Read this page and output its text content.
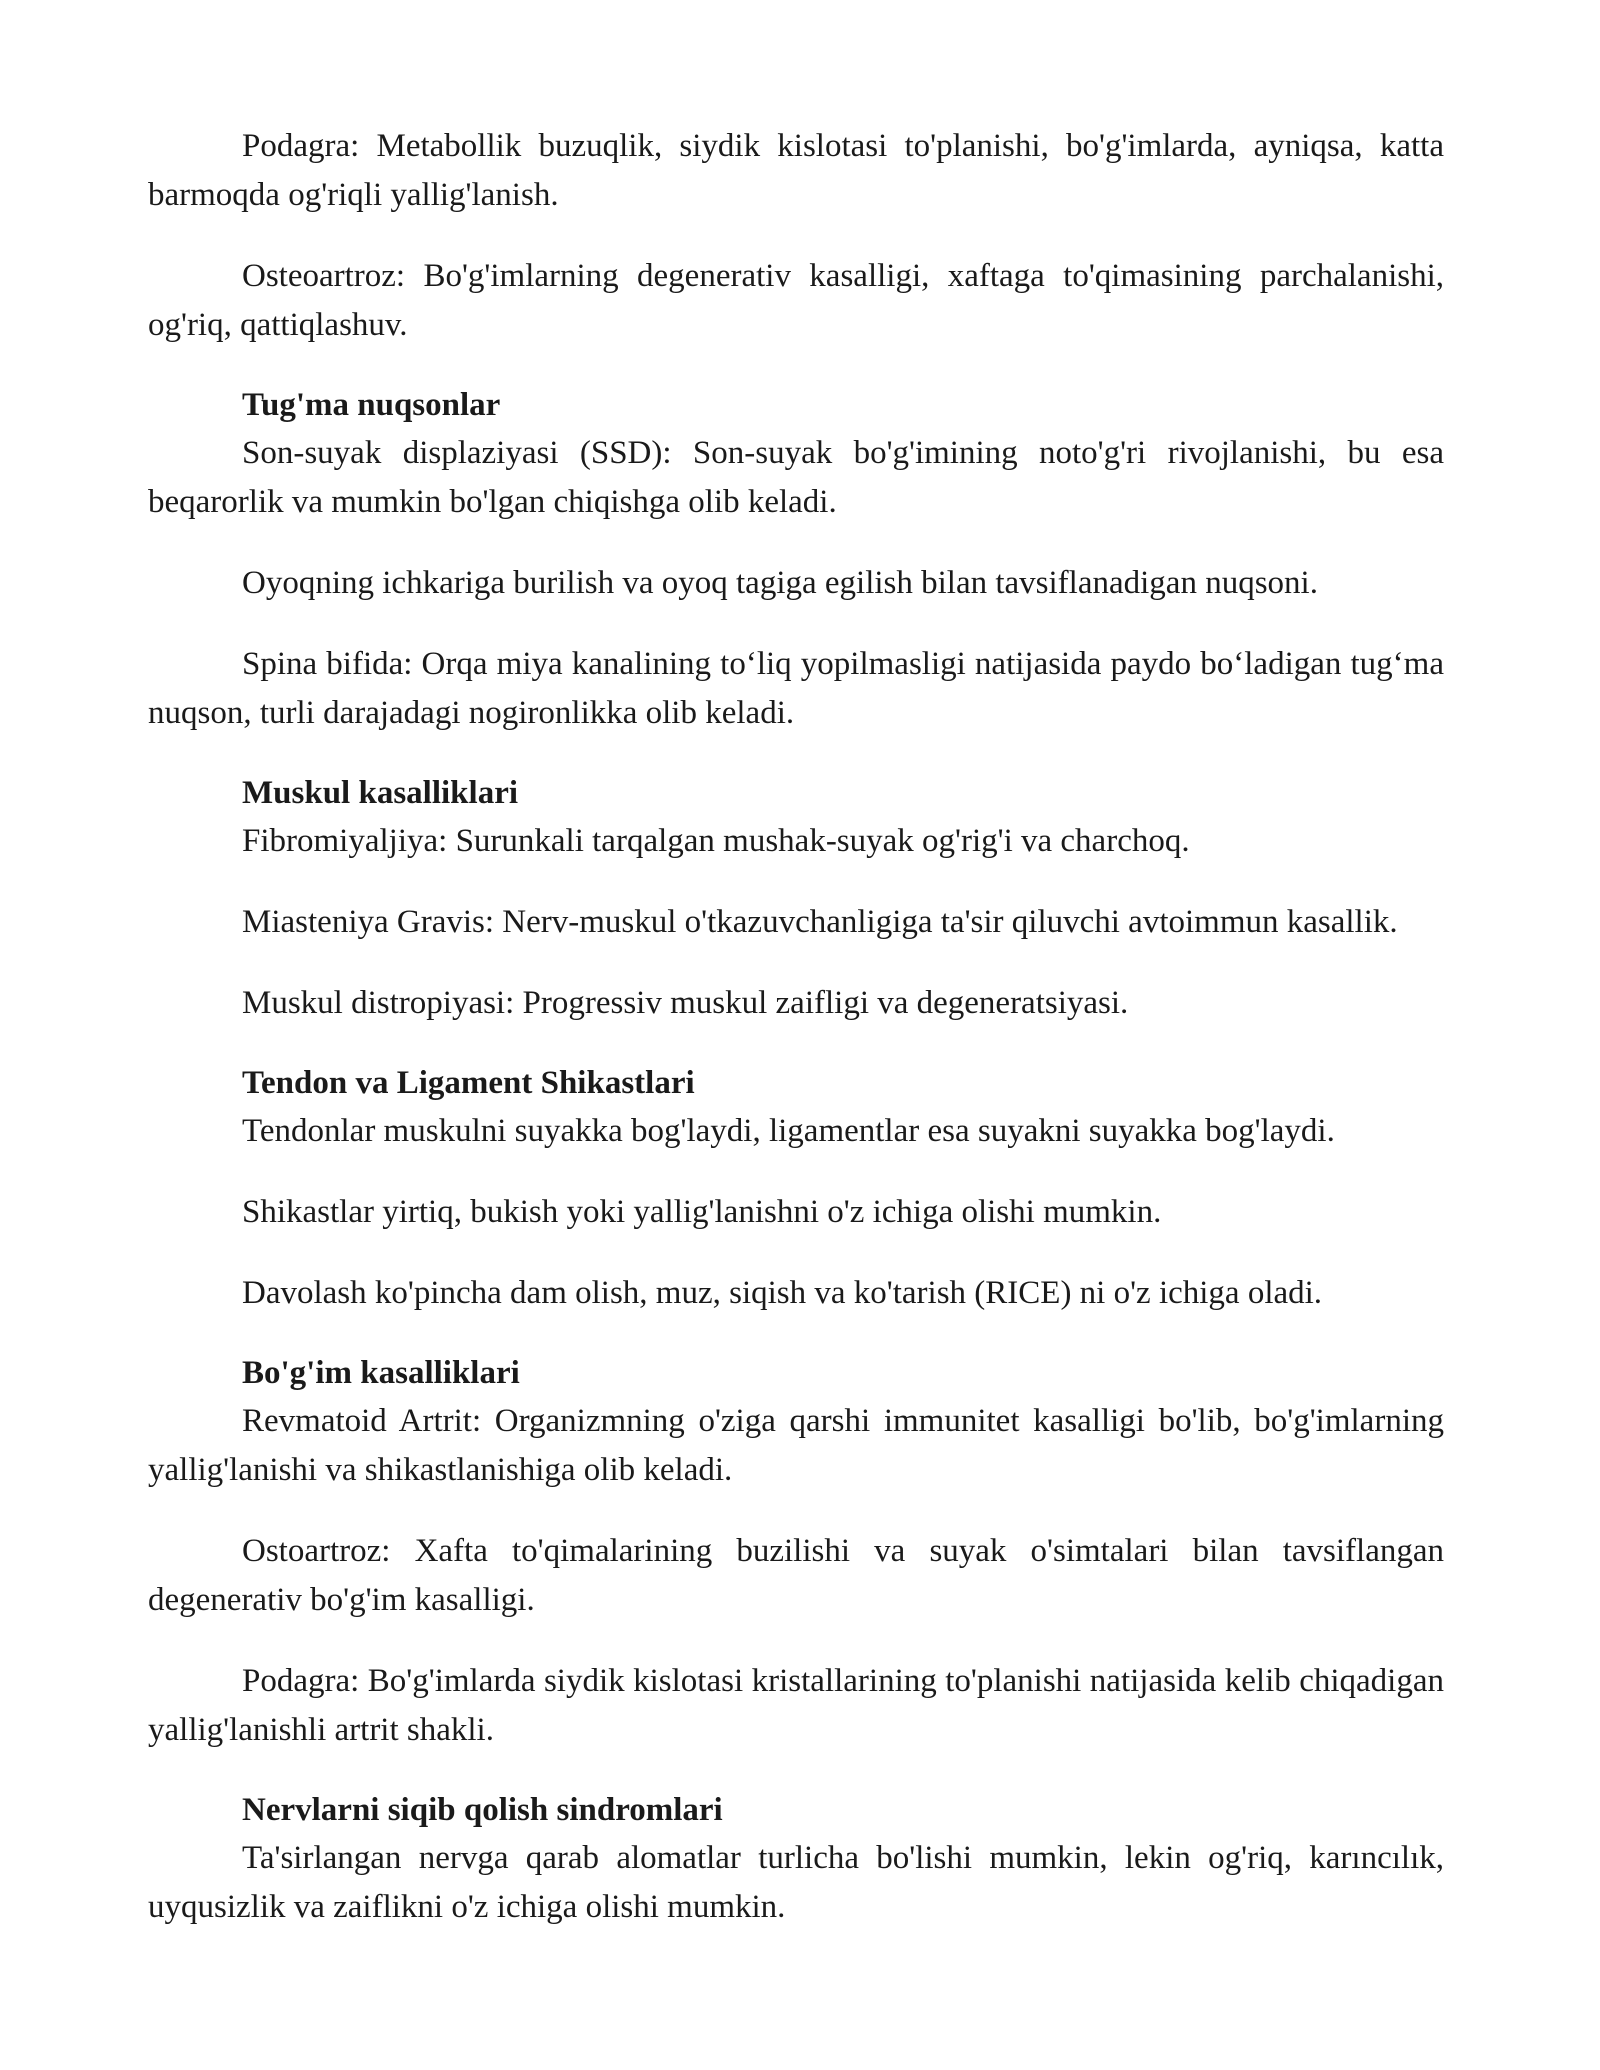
Podagra: Metabollik buzuqlik, siydik kislotasi to'planishi, bo'g'imlarda, ayniqsa, katta barmoqda og'riqli yallig'lanish.

Osteoartroz: Bo'g'imlarning degenerativ kasalligi, xaftaga to'qimasining parchalanishi, og'riq, qattiqlashuv.

Tug'ma nuqsonlar

Son-suyak displaziyasi (SSD): Son-suyak bo'g'imining noto'g'ri rivojlanishi, bu esa beqarorlik va mumkin bo'lgan chiqishga olib keladi.

Oyoqning ichkariga burilish va oyoq tagiga egilish bilan tavsiflanadigan nuqsoni.

Spina bifida: Orqa miya kanalining to‘liq yopilmasligi natijasida paydo bo‘ladigan tug‘ma nuqson, turli darajadagi nogironlikka olib keladi.

Muskul kasalliklari

Fibromiyaljiya: Surunkali tarqalgan mushak-suyak og'rig'i va charchoq.

Miasteniya Gravis: Nerv-muskul o'tkazuvchanligiga ta'sir qiluvchi avtoimmun kasallik.

Muskul distropiyasi: Progressiv muskul zaifligi va degeneratsiyasi.

Tendon va Ligament Shikastlari

Tendonlar muskulni suyakka bog'laydi, ligamentlar esa suyakni suyakka bog'laydi.

Shikastlar yirtiq, bukish yoki yallig'lanishni o'z ichiga olishi mumkin.

Davolash ko'pincha dam olish, muz, siqish va ko'tarish (RICE) ni o'z ichiga oladi.

Bo'g'im kasalliklari

Revmatoid Artrit: Organizmning o'ziga qarshi immunitet kasalligi bo'lib, bo'g'imlarning yallig'lanishi va shikastlanishiga olib keladi.

Ostoartroz: Xafta to'qimalarining buzilishi va suyak o'simtalari bilan tavsiflangan degenerativ bo'g'im kasalligi.

Podagra: Bo'g'imlarda siydik kislotasi kristallarining to'planishi natijasida kelib chiqadigan yallig'lanishli artrit shakli.

Nervlarni siqib qolish sindromlari

Ta'sirlangan nervga qarab alomatlar turlicha bo'lishi mumkin, lekin og'riq, karıncılık, uyqusizlik va zaiflikni o'z ichiga olishi mumkin.
